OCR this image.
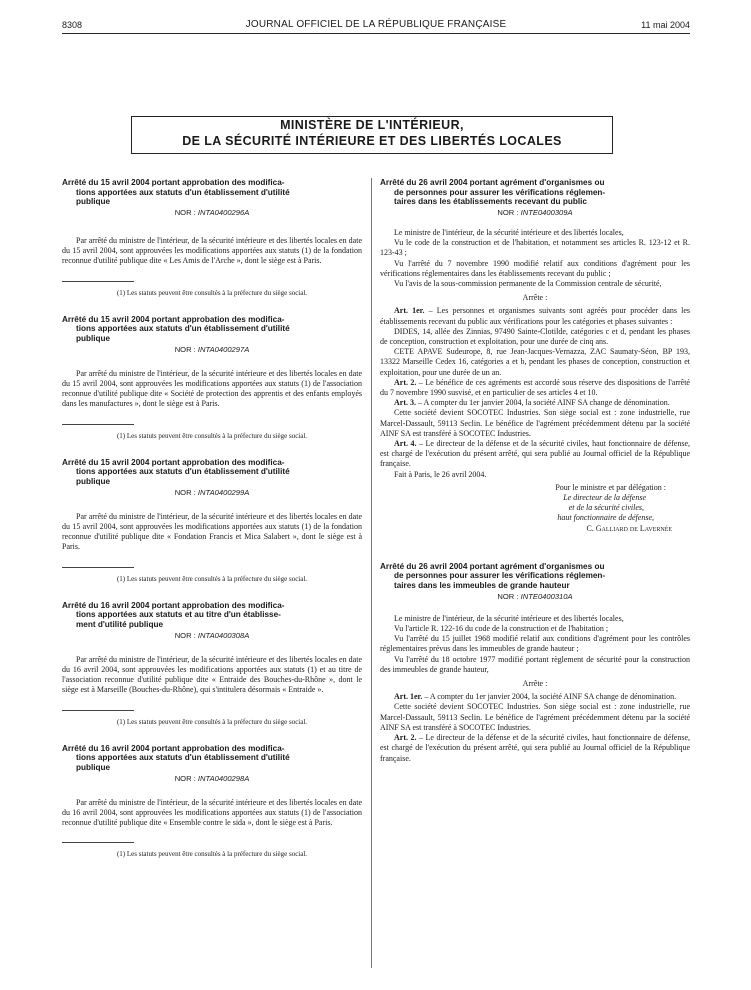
8308	JOURNAL OFFICIEL DE LA RÉPUBLIQUE FRANÇAISE	11 mai 2004
MINISTÈRE DE L'INTÉRIEUR,
DE LA SÉCURITÉ INTÉRIEURE ET DES LIBERTÉS LOCALES
Arrêté du 15 avril 2004 portant approbation des modifica-
tions apportées aux statuts d'un établissement d'utilité
publique
NOR : INTA0400296A

Par arrêté du ministre de l'intérieur, de la sécurité intérieure et des libertés locales en date du 15 avril 2004, sont approuvées les modifications apportées aux statuts (1) de la fondation reconnue d'utilité publique dite « Les Amis de l'Arche », dont le siège est à Paris.

(1) Les statuts peuvent être consultés à la préfecture du siège social.
Arrêté du 15 avril 2004 portant approbation des modifica-
tions apportées aux statuts d'un établissement d'utilité
publique
NOR : INTA0400297A

Par arrêté du ministre de l'intérieur, de la sécurité intérieure et des libertés locales en date du 15 avril 2004, sont approuvées les modifications apportées aux statuts (1) de l'association reconnue d'utilité publique dite « Société de protection des apprentis et des enfants employés dans les manufactures », dont le siège est à Paris.

(1) Les statuts peuvent être consultés à la préfecture du siège social.
Arrêté du 15 avril 2004 portant approbation des modifica-
tions apportées aux statuts d'un établissement d'utilité
publique
NOR : INTA0400299A

Par arrêté du ministre de l'intérieur, de la sécurité intérieure et des libertés locales en date du 15 avril 2004, sont approuvées les modifications apportées aux statuts (1) de la fondation reconnue d'utilité publique dite « Fondation Francis et Mica Salabert », dont le siège est à Paris.

(1) Les statuts peuvent être consultés à la préfecture du siège social.
Arrêté du 16 avril 2004 portant approbation des modifica-
tions apportées aux statuts et au titre d'un établisse-
ment d'utilité publique
NOR : INTA0400308A

Par arrêté du ministre de l'intérieur, de la sécurité intérieure et des libertés locales en date du 16 avril 2004, sont approuvées les modifications apportées aux statuts (1) et au titre de l'association reconnue d'utilité publique dite « Entraide des Bouches-du-Rhône », dont le siège est à Marseille (Bouches-du-Rhône), qui s'intitulera désormais « Entraide ».

(1) Les statuts peuvent être consultés à la préfecture du siège social.
Arrêté du 16 avril 2004 portant approbation des modifica-
tions apportées aux statuts d'un établissement d'utilité
publique
NOR : INTA0400298A

Par arrêté du ministre de l'intérieur, de la sécurité intérieure et des libertés locales en date du 16 avril 2004, sont approuvées les modifications apportées aux statuts (1) de l'association reconnue d'utilité publique dite « Ensemble contre le sida », dont le siège est à Paris.

(1) Les statuts peuvent être consultés à la préfecture du siège social.
Arrêté du 26 avril 2004 portant agrément d'organismes ou
de personnes pour assurer les vérifications réglemen-
taires dans les établissements recevant du public
NOR : INTE0400309A

Le ministre de l'intérieur, de la sécurité intérieure et des libertés locales,

Vu le code de la construction et de l'habitation, et notamment ses articles R. 123-12 et R. 123-43 ;

Vu l'arrêté du 7 novembre 1990 modifié relatif aux conditions d'agrément pour les vérifications réglementaires dans les établissements recevant du public ;

Vu l'avis de la sous-commission permanente de la Commission centrale de sécurité,

Arrête :

Art. 1er. – Les personnes et organismes suivants sont agréés pour procéder dans les établissements recevant du public aux vérifications pour les catégories et phases suivantes :

DIDES, 14, allée des Zinnias, 97490 Sainte-Clotilde, catégories c et d, pendant les phases de conception, construction et exploitation, pour une durée de cinq ans.

CETE APAVE Sudeurope, 8, rue Jean-Jacques-Vernazza, ZAC Saumaty-Séon, BP 193, 13322 Marseille Cedex 16, catégories a et b, pendant les phases de conception, construction et exploitation, pour une durée de un an.

Art. 2. – Le bénéfice de ces agréments est accordé sous réserve des dispositions de l'arrêté du 7 novembre 1990 susvisé, et en particulier de ses articles 4 et 10.

Art. 3. – A compter du 1er janvier 2004, la société AINF SA change de dénomination.

Cette société devient SOCOTEC Industries. Son siège social est : zone industrielle, rue Marcel-Dassault, 59113 Seclin. Le bénéfice de l'agrément précédemment détenu par la société AINF SA est transféré à SOCOTEC Industries.

Art. 4. – Le directeur de la défense et de la sécurité civiles, haut fonctionnaire de défense, est chargé de l'exécution du présent arrêté, qui sera publié au Journal officiel de la République française.

Fait à Paris, le 26 avril 2004.

Pour le ministre et par délégation :
Le directeur de la défense
et de la sécurité civiles,
haut fonctionnaire de défense,
C. Galliard de Lavernée
Arrêté du 26 avril 2004 portant agrément d'organismes ou
de personnes pour assurer les vérifications réglemen-
taires dans les immeubles de grande hauteur
NOR : INTE0400310A

Le ministre de l'intérieur, de la sécurité intérieure et des libertés locales,

Vu l'article R. 122-16 du code de la construction et de l'habitation ;

Vu l'arrêté du 15 juillet 1968 modifié relatif aux conditions d'agrément pour les contrôles réglementaires prévus dans les immeubles de grande hauteur ;

Vu l'arrêté du 18 octobre 1977 modifié portant règlement de sécurité pour la construction des immeubles de grande hauteur,

Arrête :

Art. 1er. – A compter du 1er janvier 2004, la société AINF SA change de dénomination.

Cette société devient SOCOTEC Industries. Son siège social est : zone industrielle, rue Marcel-Dassault, 59113 Seclin. Le bénéfice de l'agrément précédemment détenu par la société AINF SA est transféré à SOCOTEC Industries.

Art. 2. – Le directeur de la défense et de la sécurité civiles, haut fonctionnaire de défense, est chargé de l'exécution du présent arrêté, qui sera publié au Journal officiel de la République française.
